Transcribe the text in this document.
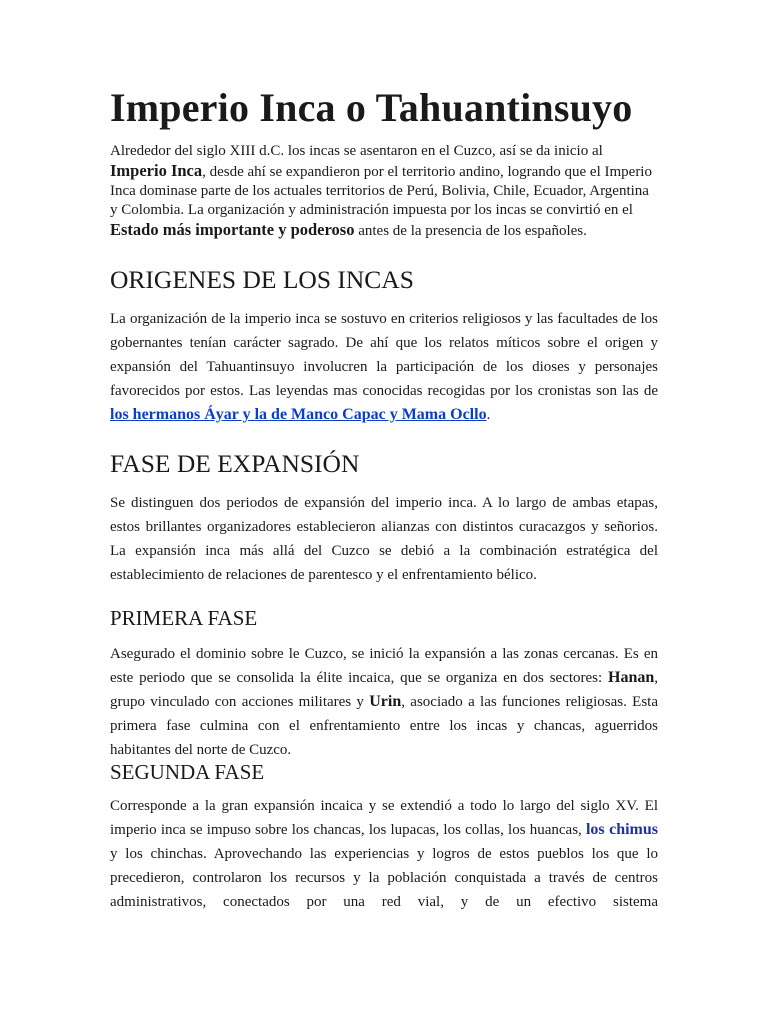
Imperio Inca o Tahuantinsuyo

Alrededor del siglo XIII d.C. los incas se asentaron en el Cuzco, así se da inicio al Imperio Inca, desde ahí se expandieron por el territorio andino, logrando que el Imperio Inca dominase parte de los actuales territorios de Perú, Bolivia, Chile, Ecuador, Argentina y Colombia. La organización y administración impuesta por los incas se convirtió en el Estado más importante y poderoso antes de la presencia de los españoles.

ORIGENES DE LOS INCAS

La organización de la imperio inca se sostuvo en criterios religiosos y las facultades de los gobernantes tenían carácter sagrado. De ahí que los relatos míticos sobre el origen y expansión del Tahuantinsuyo involucren la participación de los dioses y personajes favorecidos por estos. Las leyendas mas conocidas recogidas por los cronistas son las de los hermanos Áyar y la de Manco Capac y Mama Ocllo.

FASE DE EXPANSIÓN

Se distinguen dos periodos de expansión del imperio inca. A lo largo de ambas etapas, estos brillantes organizadores establecieron alianzas con distintos curacazgos y señorios. La expansión inca más allá del Cuzco se debió a la combinación estratégica del establecimiento de relaciones de parentesco y el enfrentamiento bélico.

PRIMERA FASE

Asegurado el dominio sobre le Cuzco, se inició la expansión a las zonas cercanas. Es en este periodo que se consolida la élite incaica, que se organiza en dos sectores: Hanan, grupo vinculado con acciones militares y Urin, asociado a las funciones religiosas. Esta primera fase culmina con el enfrentamiento entre los incas y chancas, aguerridos habitantes del norte de Cuzco.

SEGUNDA FASE

Corresponde a la gran expansión incaica y se extendió a todo lo largo del siglo XV. El imperio inca se impuso sobre los chancas, los lupacas, los collas, los huancas, los chimus y los chinchas. Aprovechando las experiencias y logros de estos pueblos los que lo precedieron, controlaron los recursos y la población conquistada a través de centros administrativos, conectados por una red vial, y de un efectivo sistema
